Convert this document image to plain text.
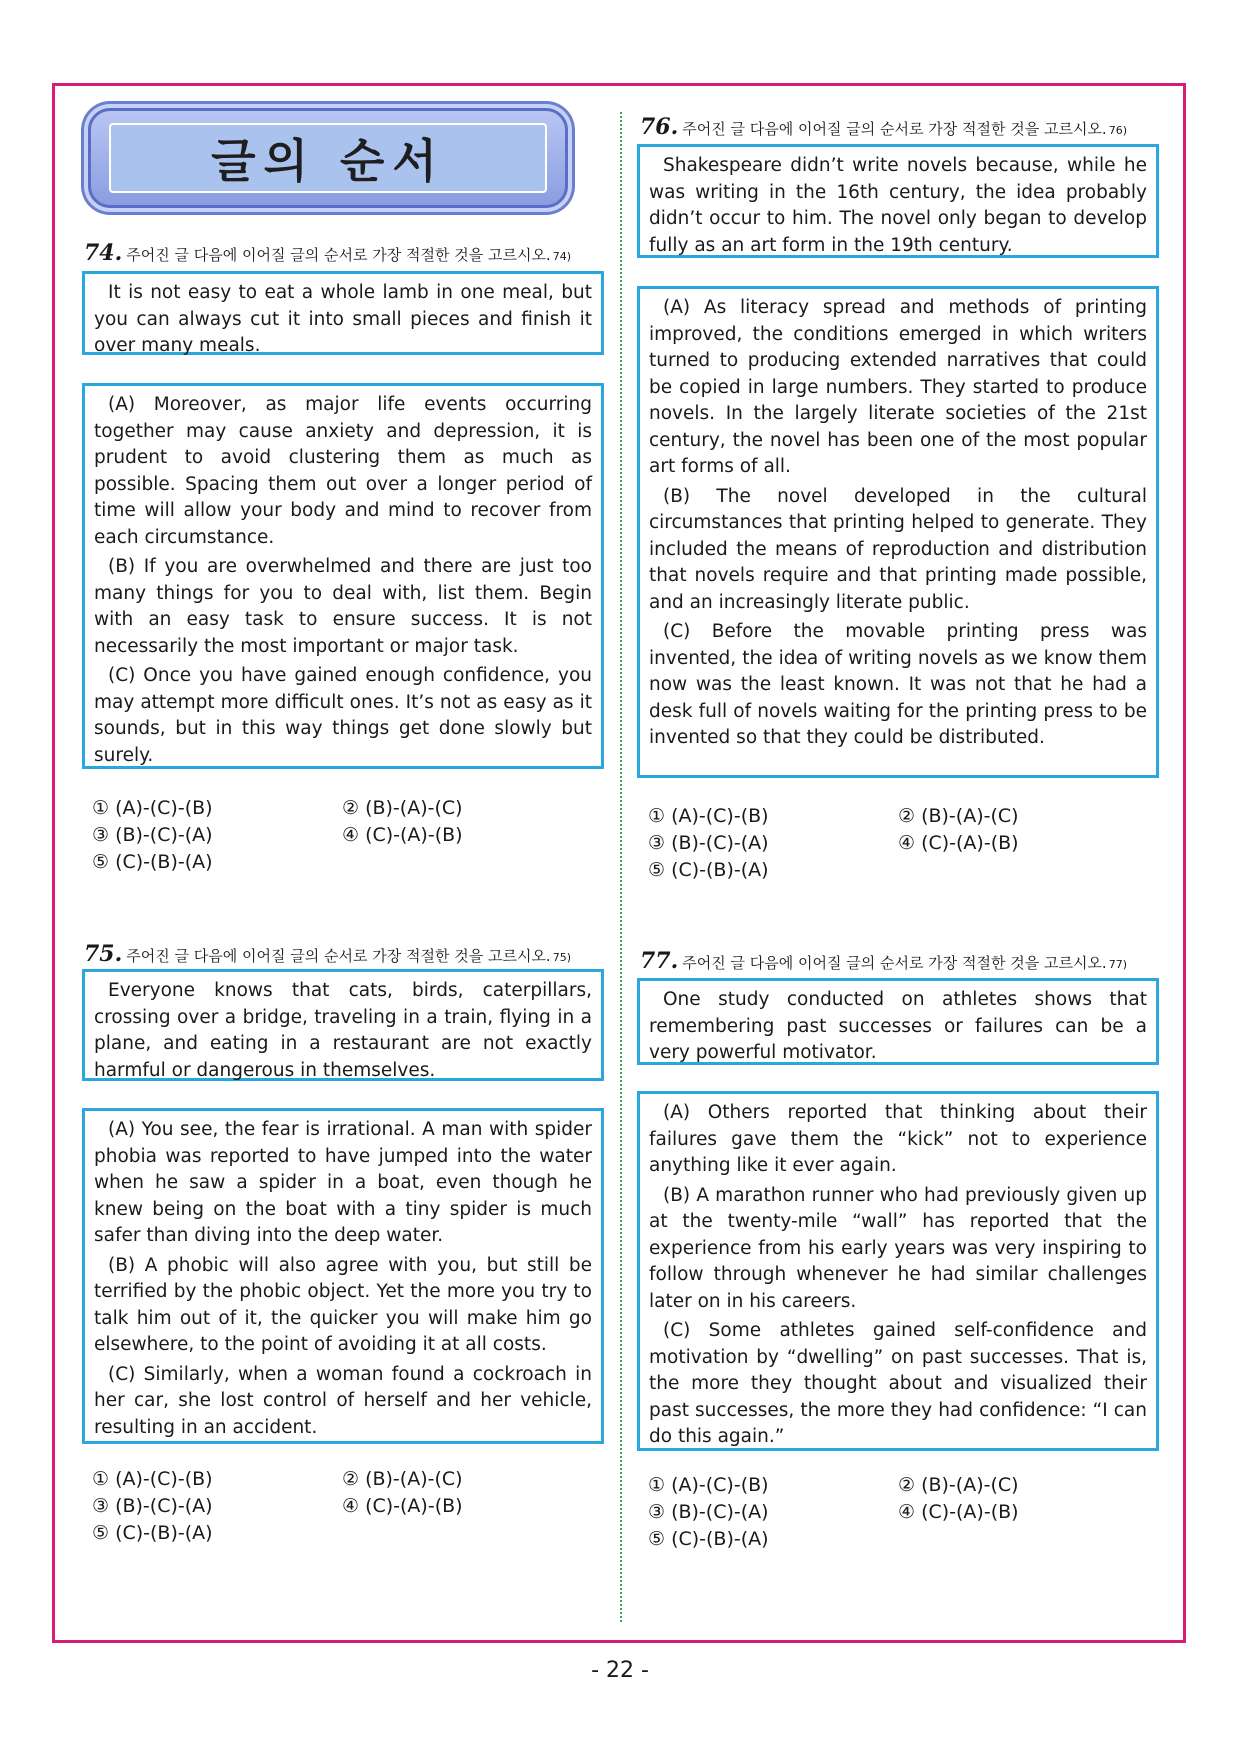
글의 순서
74. 주어진 글 다음에 이어질 글의 순서로 가장 적절한 것을 고르시오. 74)

It is not easy to eat a whole lamb in one meal, but you can always cut it into small pieces and finish it over many meals.

(A) Moreover, as major life events occurring together may cause anxiety and depression, it is prudent to avoid clustering them as much as possible. Spacing them out over a longer period of time will allow your body and mind to recover from each circumstance.

(B) If you are overwhelmed and there are just too many things for you to deal with, list them. Begin with an easy task to ensure success. It is not necessarily the most important or major task.

(C) Once you have gained enough confidence, you may attempt more difficult ones. It’s not as easy as it sounds, but in this way things get done slowly but surely.

① (A)-(C)-(B)	② (B)-(A)-(C)
③ (B)-(C)-(A)	④ (C)-(A)-(B)
⑤ (C)-(B)-(A)
75. 주어진 글 다음에 이어질 글의 순서로 가장 적절한 것을 고르시오. 75)

Everyone knows that cats, birds, caterpillars, crossing over a bridge, traveling in a train, flying in a plane, and eating in a restaurant are not exactly harmful or dangerous in themselves.

(A) You see, the fear is irrational. A man with spider phobia was reported to have jumped into the water when he saw a spider in a boat, even though he knew being on the boat with a tiny spider is much safer than diving into the deep water.

(B) A phobic will also agree with you, but still be terrified by the phobic object. Yet the more you try to talk him out of it, the quicker you will make him go elsewhere, to the point of avoiding it at all costs.

(C) Similarly, when a woman found a cockroach in her car, she lost control of herself and her vehicle, resulting in an accident.

① (A)-(C)-(B)	② (B)-(A)-(C)
③ (B)-(C)-(A)	④ (C)-(A)-(B)
⑤ (C)-(B)-(A)
76. 주어진 글 다음에 이어질 글의 순서로 가장 적절한 것을 고르시오. 76)

Shakespeare didn’t write novels because, while he was writing in the 16th century, the idea probably didn’t occur to him. The novel only began to develop fully as an art form in the 19th century.

(A) As literacy spread and methods of printing improved, the conditions emerged in which writers turned to producing extended narratives that could be copied in large numbers. They started to produce novels. In the largely literate societies of the 21st century, the novel has been one of the most popular art forms of all.

(B) The novel developed in the cultural circumstances that printing helped to generate. They included the means of reproduction and distribution that novels require and that printing made possible, and an increasingly literate public.

(C) Before the movable printing press was invented, the idea of writing novels as we know them now was the least known. It was not that he had a desk full of novels waiting for the printing press to be invented so that they could be distributed.

① (A)-(C)-(B)	② (B)-(A)-(C)
③ (B)-(C)-(A)	④ (C)-(A)-(B)
⑤ (C)-(B)-(A)
77. 주어진 글 다음에 이어질 글의 순서로 가장 적절한 것을 고르시오. 77)

One study conducted on athletes shows that remembering past successes or failures can be a very powerful motivator.

(A) Others reported that thinking about their failures gave them the “kick” not to experience anything like it ever again.

(B) A marathon runner who had previously given up at the twenty-mile “wall” has reported that the experience from his early years was very inspiring to follow through whenever he had similar challenges later on in his careers.

(C) Some athletes gained self-confidence and motivation by “dwelling” on past successes. That is, the more they thought about and visualized their past successes, the more they had confidence: “I can do this again.”

① (A)-(C)-(B)	② (B)-(A)-(C)
③ (B)-(C)-(A)	④ (C)-(A)-(B)
⑤ (C)-(B)-(A)
- 22 -
